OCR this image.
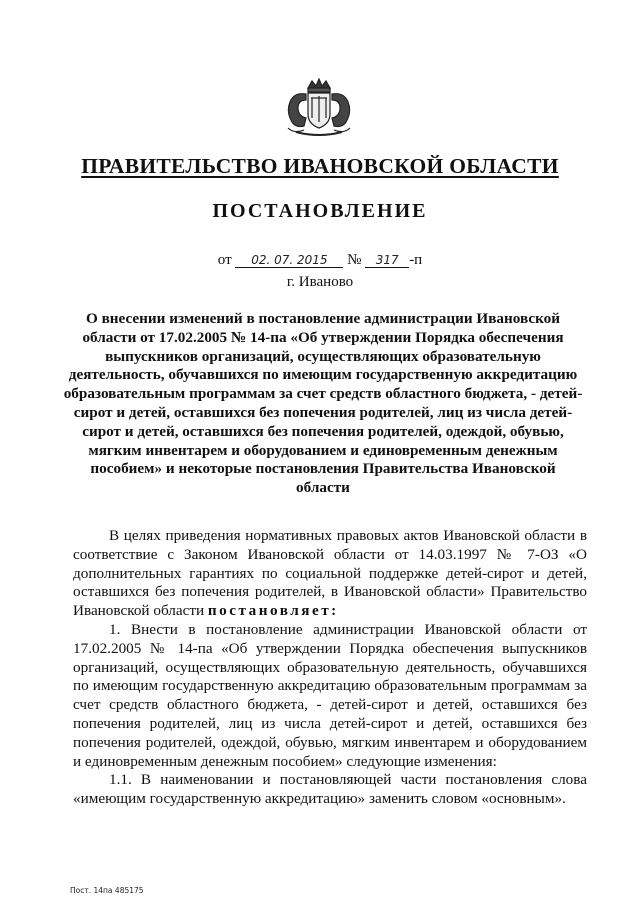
ПРАВИТЕЛЬСТВО ИВАНОВСКОЙ ОБЛАСТИ
ПОСТАНОВЛЕНИЕ
от 02. 07. 2015 № 317 -п
г. Иваново
О внесении изменений в постановление администрации Ивановской области от 17.02.2005 № 14-па «Об утверждении Порядка обеспечения выпускников организаций, осуществляющих образовательную деятельность, обучавшихся по имеющим государственную аккредитацию образовательным программам за счет средств областного бюджета, - детей-сирот и детей, оставшихся без попечения родителей, лиц из числа детей-сирот и детей, оставшихся без попечения родителей, одеждой, обувью, мягким инвентарем и оборудованием и единовременным денежным пособием» и некоторые постановления Правительства Ивановской области

В целях приведения нормативных правовых актов Ивановской области в соответствие с Законом Ивановской области от 14.03.1997 № 7-ОЗ «О дополнительных гарантиях по социальной поддержке детей-сирот и детей, оставшихся без попечения родителей, в Ивановской области» Правительство Ивановской области постановляет:

1. Внести в постановление администрации Ивановской области от 17.02.2005 № 14-па «Об утверждении Порядка обеспечения выпускников организаций, осуществляющих образовательную деятельность, обучавшихся по имеющим государственную аккредитацию образовательным программам за счет средств областного бюджета, - детей-сирот и детей, оставшихся без попечения родителей, лиц из числа детей-сирот и детей, оставшихся без попечения родителей, одеждой, обувью, мягким инвентарем и оборудованием и единовременным денежным пособием» следующие изменения:

1.1. В наименовании и постановляющей части постановления слова «имеющим государственную аккредитацию» заменить словом «основным».

Пост. 14па 485175
